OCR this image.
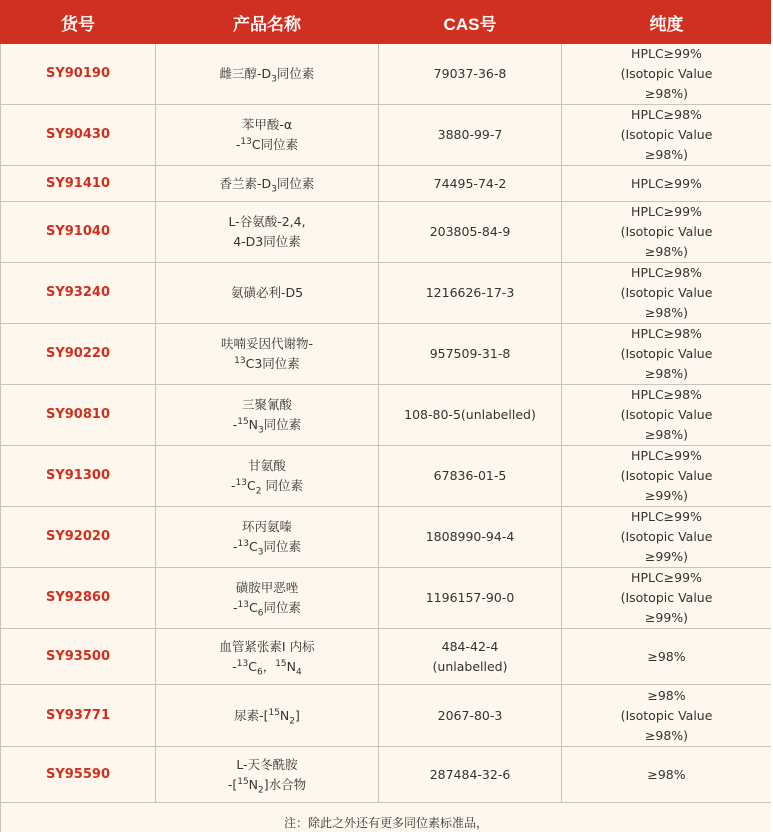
货号	产品名称	CAS号	纯度
SY90190	雌三醇$-D_3$同位素	79037-36-8	HPLC≥99%
(Isotopic Value
≥98%)

SY90430	苯甲酸-α
-$^{13}$C同位素	3880-99-7	HPLC≥98%
(Isotopic Value
≥98%)

SY91410	香兰素$-D_3$同位素	74495-74-2	HPLC≥99%

SY91040	L-谷氨酸-2,4,
4-D3同位素	203805-84-9	HPLC≥99%
(Isotopic Value
≥98%)

SY93240	氨磺必利-D5	1216626-17-3	HPLC≥98%
(Isotopic Value
≥98%)

SY90220	呋喃妥因代谢物-
$^{13}$C3同位素	957509-31-8	HPLC≥98%
(Isotopic Value
≥98%)

SY90810	三聚氰酸
$-^{15}N_3$同位素	108-80-5(unlabelled)	HPLC≥98%
(Isotopic Value
≥98%)

SY91300	甘氨酸
$-^{13}C_2$ 同位素	67836-01-5	HPLC≥99%
(Isotopic Value
≥99%)

SY92020	环丙氨嗪
$-^{13}C_3$同位素	1808990-94-4	HPLC≥99%
(Isotopic Value
≥99%)

SY92860	磺胺甲恶唑
$-^{13}C_6$同位素	1196157-90-0	HPLC≥99%
(Isotopic Value
≥99%)

SY93500	血管紧张素I 内标
$-^{13}C_6$，$^{15}N_4$	484-42-4
(unlabelled)	≥98%

SY93771	尿素$-[^{15}N_2]$	2067-80-3	≥98%
(Isotopic Value
≥98%)

SY95590	L-天冬酰胺
$-[^{15}N_2]$水合物	287484-32-6	≥98%

注：除此之外还有更多同位素标准品，			
